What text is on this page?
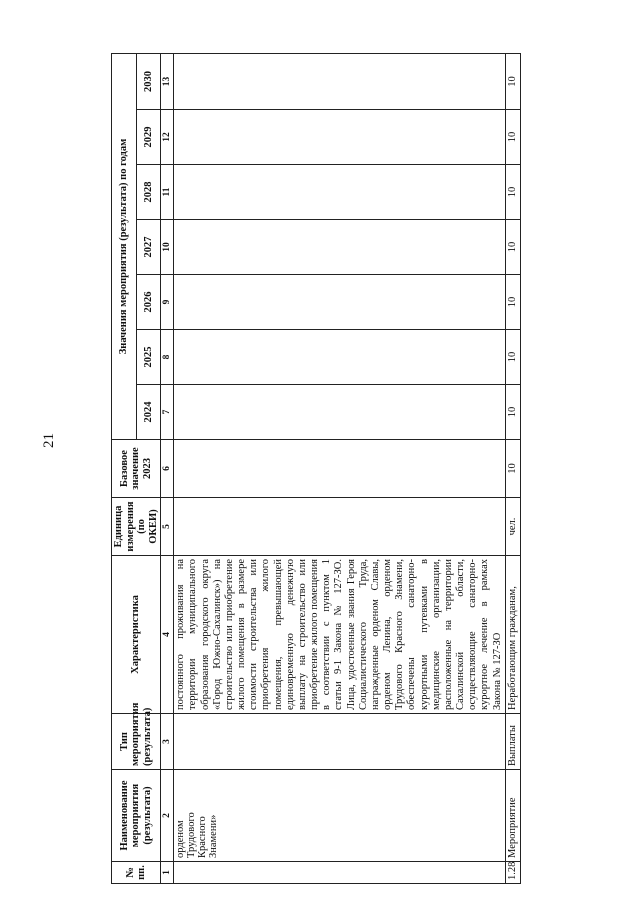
21
№ пп.	Наименование мероприятия (результата)	Тип мероприятия (результата)	Характеристика	Единица измерения (по ОКЕИ)	Базовое значение 2023	Значения мероприятия (результата) по годам						
						2024	2025	2026	2027	2028	2029	2030
1	2	3	4	5	6	7	8	9	10	11	12	13
	орденом Трудового Красного Знамени»		постоянного проживания на территории муниципального образования городского округа «Город Южно-Сахалинск») на строительство или приобретение жилого помещения в размере стоимости строительства или приобретения жилого помещения, превышающей единовременную денежную выплату на строительство или приобретение жилого помещения в соответствии с пунктом 1 статьи 9-1 Закона № 127-ЗО. Лица, удостоенные звания Героя Социалистического Труда, награжденные орденом Славы, орденом Ленина, орденом Трудового Красного Знамени, обеспечены санаторно-курортными путевками в медицинские организации, расположенные на территории Сахалинской области, осуществляющие санаторно-курортное лечение в рамках Закона № 127-ЗО									
1.28	Мероприятие	Выплаты	Неработающим гражданам,	чел.	10	10	10	10	10	10	10	10
